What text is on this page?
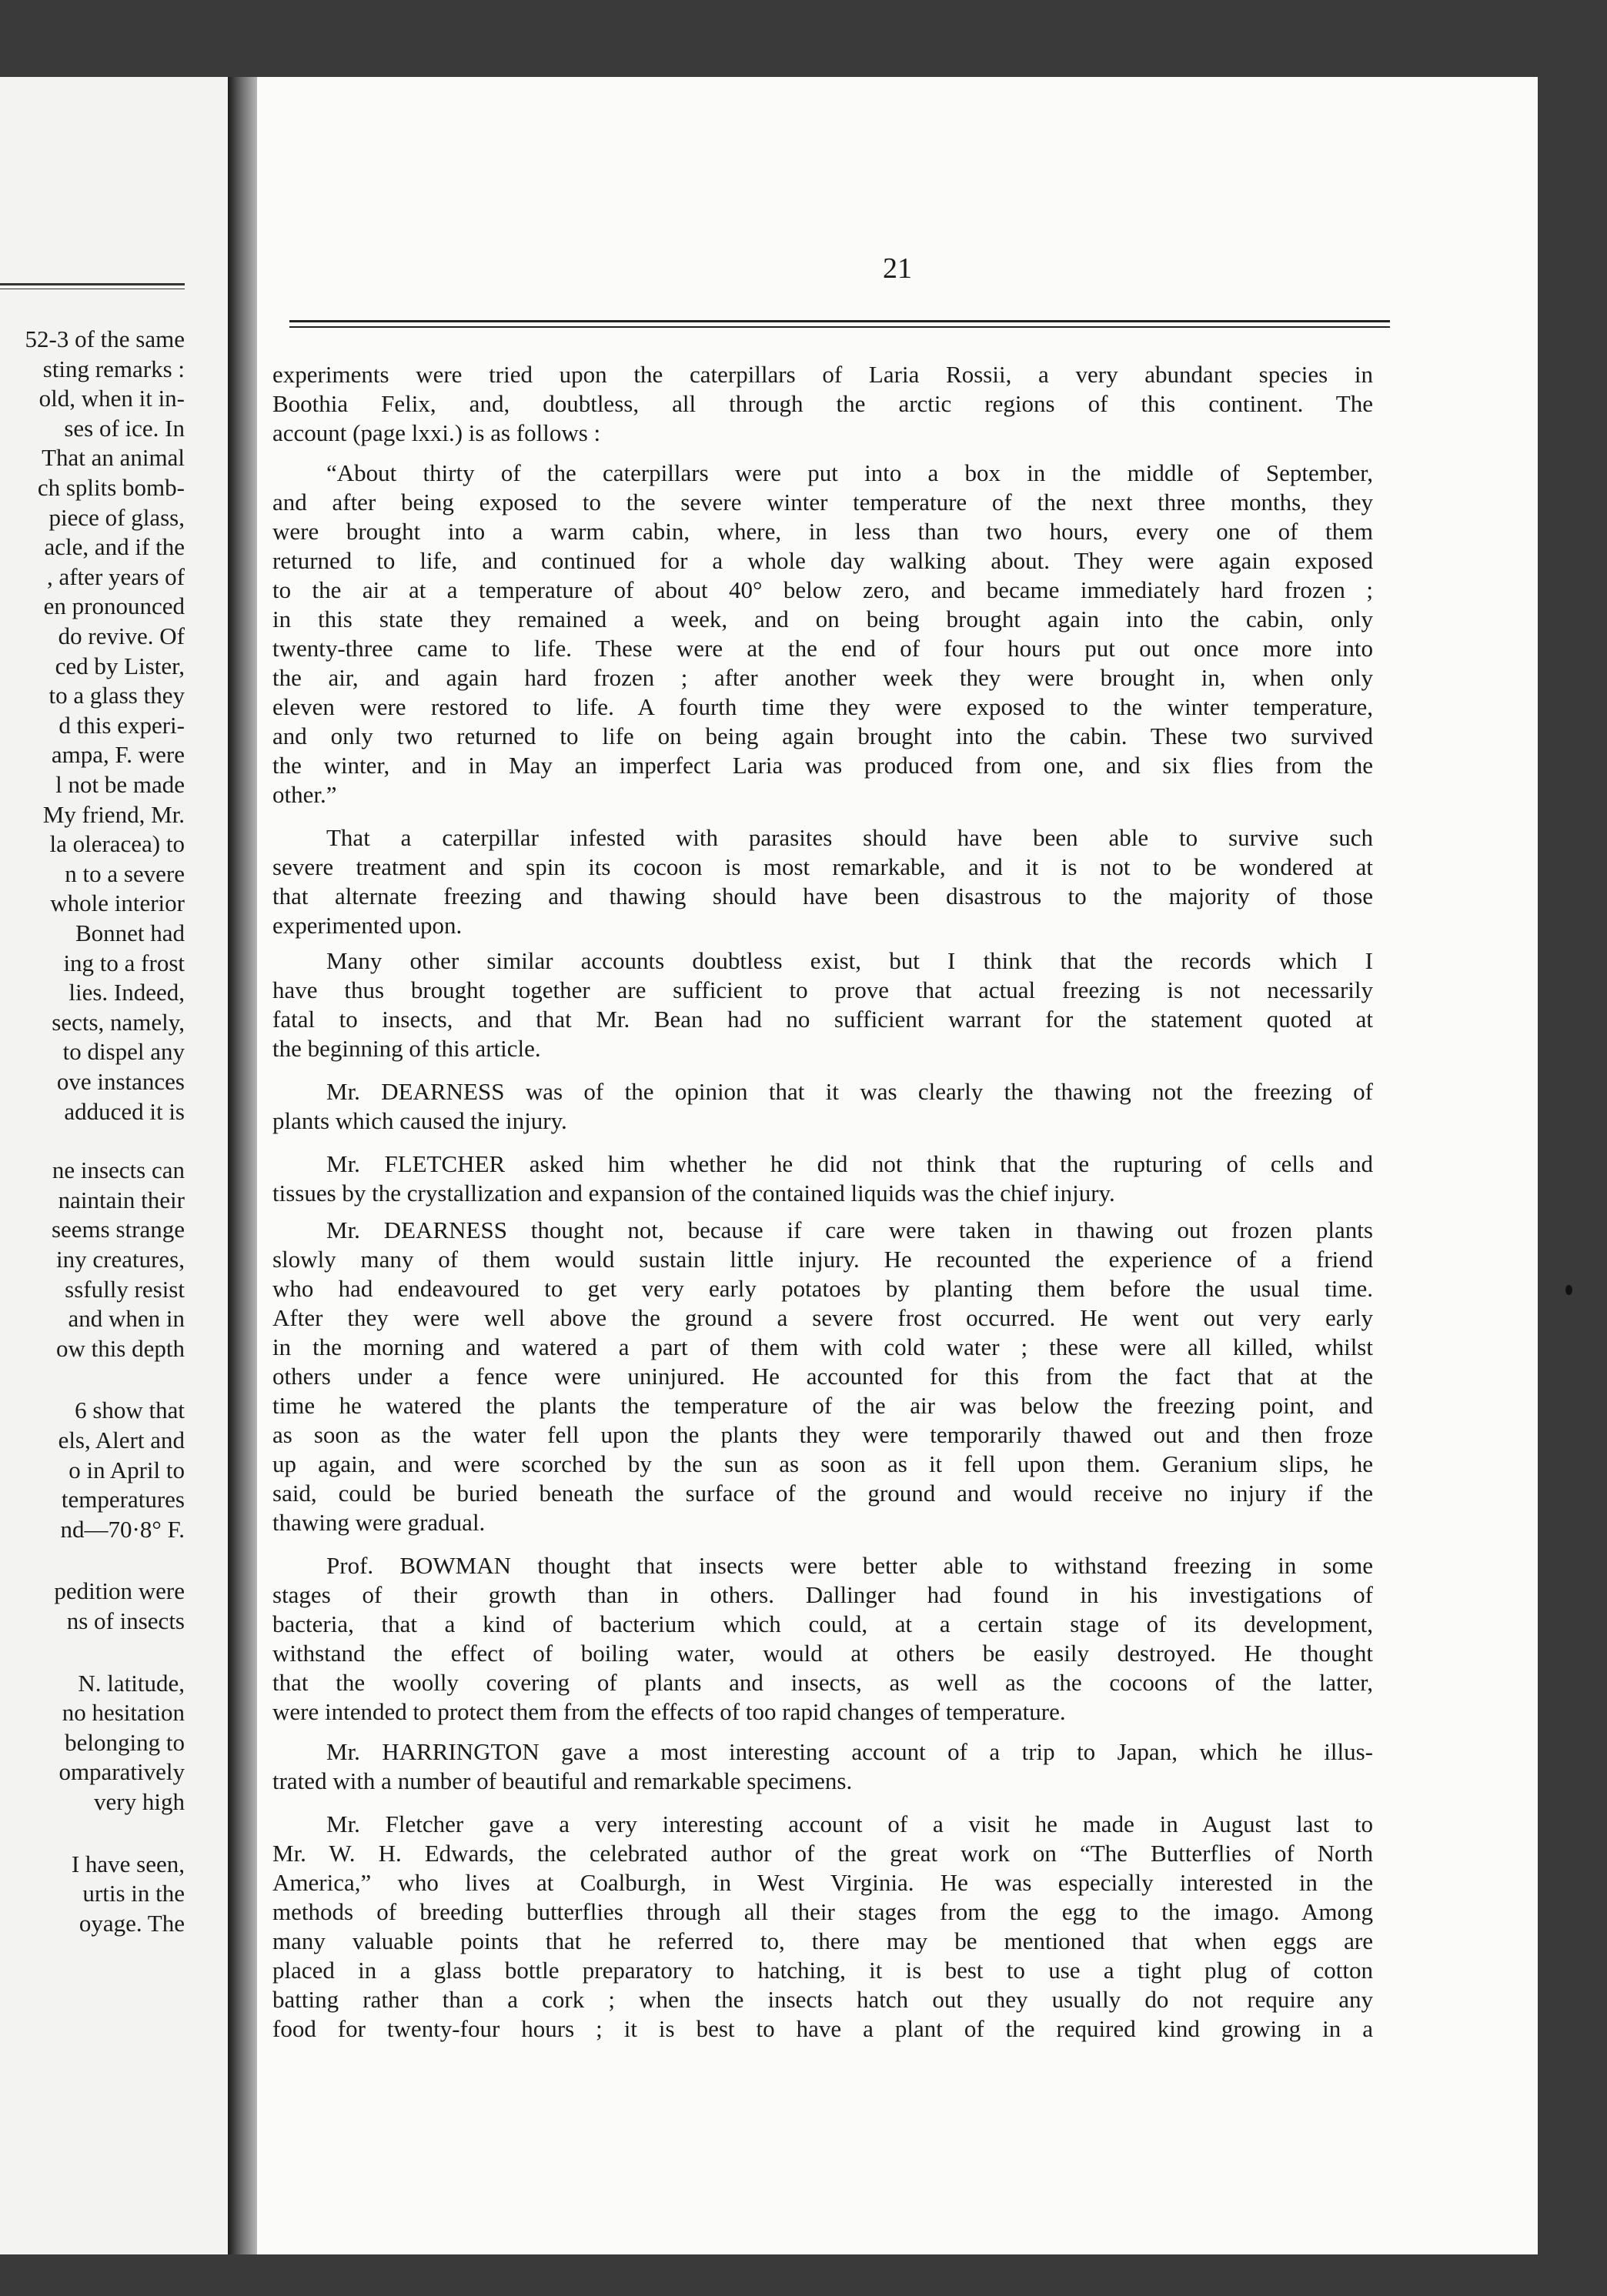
52-3 of the same
sting remarks :
old, when it in-
ses of ice. In
That an animal
ch splits bomb-
piece of glass,
acle, and if the
, after years of
en pronounced
do revive. Of
ced by Lister,
to a glass they
d this experi-
ampa, F. were
l not be made
My friend, Mr.
la oleracea) to
n to a severe
whole interior
Bonnet had
ing to a frost
lies. Indeed,
sects, namely,
to dispel any
ove instances
adduced it is
ne insects can
naintain their
seems strange
iny creatures,
ssfully resist
and when in
ow this depth
6 show that
els, Alert and
o in April to
temperatures
nd—70·8° F.
pedition were
ns of insects
N. latitude,
no hesitation
belonging to
omparatively
very high
I have seen,
urtis in the
oyage. The
21
experiments were tried upon the caterpillars of Laria Rossii, a very abundant species in
Boothia Felix, and, doubtless, all through the arctic regions of this continent. The
account (page lxxi.) is as follows :
“About thirty of the caterpillars were put into a box in the middle of September,
and after being exposed to the severe winter temperature of the next three months, they
were brought into a warm cabin, where, in less than two hours, every one of them
returned to life, and continued for a whole day walking about. They were again exposed
to the air at a temperature of about 40° below zero, and became immediately hard frozen ;
in this state they remained a week, and on being brought again into the cabin, only
twenty-three came to life. These were at the end of four hours put out once more into
the air, and again hard frozen ; after another week they were brought in, when only
eleven were restored to life. A fourth time they were exposed to the winter temperature,
and only two returned to life on being again brought into the cabin. These two survived
the winter, and in May an imperfect Laria was produced from one, and six flies from the
other.”
That a caterpillar infested with parasites should have been able to survive such
severe treatment and spin its cocoon is most remarkable, and it is not to be wondered at
that alternate freezing and thawing should have been disastrous to the majority of those
experimented upon.
Many other similar accounts doubtless exist, but I think that the records which I
have thus brought together are sufficient to prove that actual freezing is not necessarily
fatal to insects, and that Mr. Bean had no sufficient warrant for the statement quoted at
the beginning of this article.
Mr. DEARNESS was of the opinion that it was clearly the thawing not the freezing of
plants which caused the injury.
Mr. FLETCHER asked him whether he did not think that the rupturing of cells and
tissues by the crystallization and expansion of the contained liquids was the chief injury.
Mr. DEARNESS thought not, because if care were taken in thawing out frozen plants
slowly many of them would sustain little injury. He recounted the experience of a friend
who had endeavoured to get very early potatoes by planting them before the usual time.
After they were well above the ground a severe frost occurred. He went out very early
in the morning and watered a part of them with cold water ; these were all killed, whilst
others under a fence were uninjured. He accounted for this from the fact that at the
time he watered the plants the temperature of the air was below the freezing point, and
as soon as the water fell upon the plants they were temporarily thawed out and then froze
up again, and were scorched by the sun as soon as it fell upon them. Geranium slips, he
said, could be buried beneath the surface of the ground and would receive no injury if the
thawing were gradual.
Prof. BOWMAN thought that insects were better able to withstand freezing in some
stages of their growth than in others. Dallinger had found in his investigations of
bacteria, that a kind of bacterium which could, at a certain stage of its development,
withstand the effect of boiling water, would at others be easily destroyed. He thought
that the woolly covering of plants and insects, as well as the cocoons of the latter,
were intended to protect them from the effects of too rapid changes of temperature.
Mr. HARRINGTON gave a most interesting account of a trip to Japan, which he illus-
trated with a number of beautiful and remarkable specimens.
Mr. Fletcher gave a very interesting account of a visit he made in August last to
Mr. W. H. Edwards, the celebrated author of the great work on “The Butterflies of North
America,” who lives at Coalburgh, in West Virginia. He was especially interested in the
methods of breeding butterflies through all their stages from the egg to the imago. Among
many valuable points that he referred to, there may be mentioned that when eggs are
placed in a glass bottle preparatory to hatching, it is best to use a tight plug of cotton
batting rather than a cork ; when the insects hatch out they usually do not require any
food for twenty-four hours ; it is best to have a plant of the required kind growing in a
